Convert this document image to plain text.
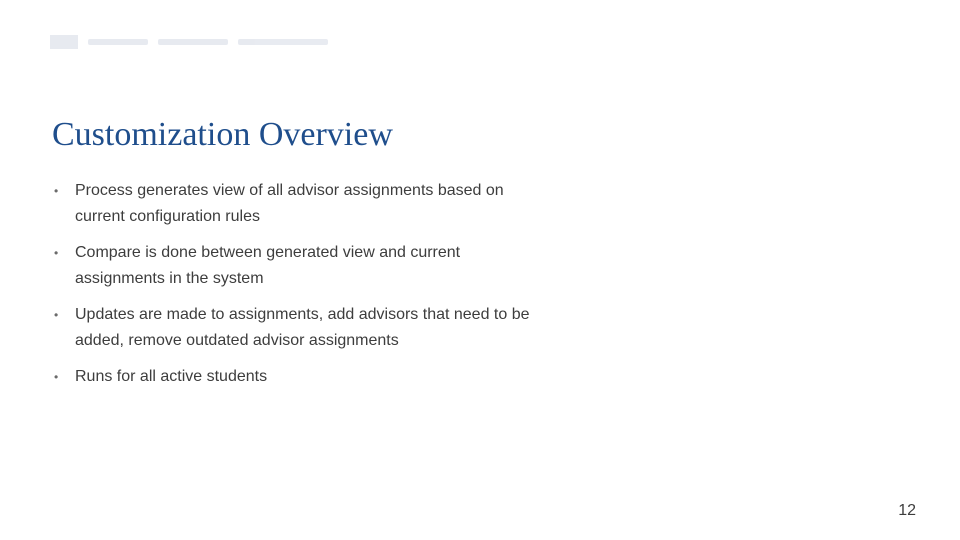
Customization Overview
• Process generates view of all advisor assignments based on current configuration rules
• Compare is done between generated view and current assignments in the system
• Updates are made to assignments, add advisors that need to be added, remove outdated advisor assignments
• Runs for all active students
12
